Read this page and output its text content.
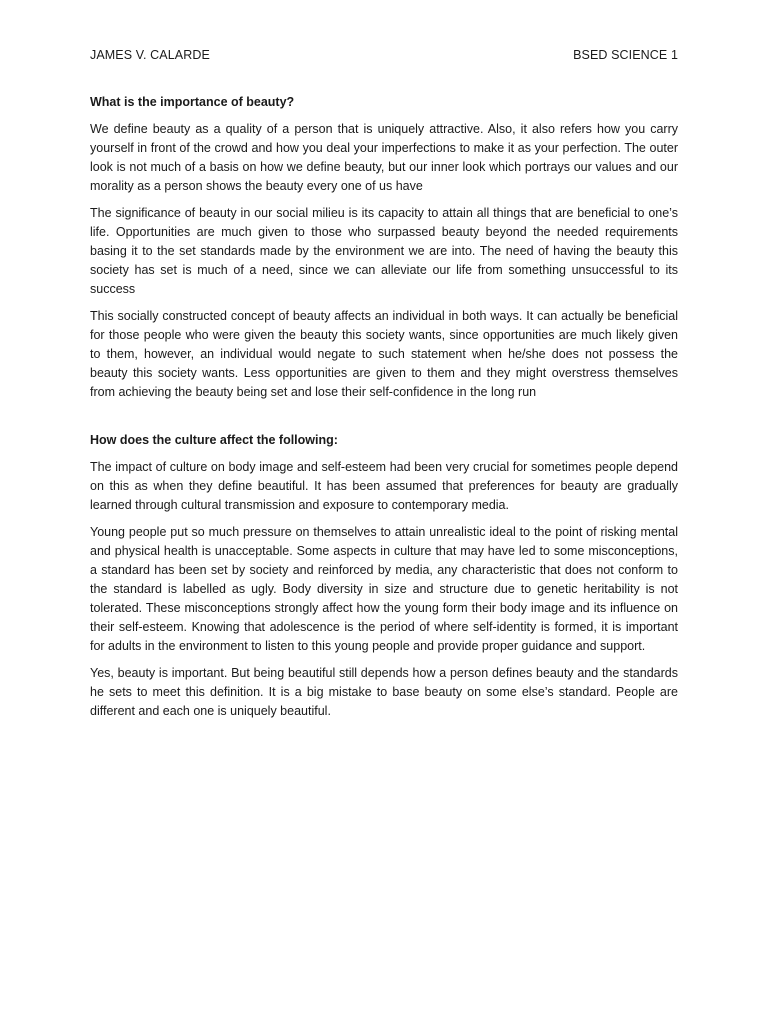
JAMES V. CALARDE	BSED SCIENCE 1
What is the importance of beauty?

We define beauty as a quality of a person that is uniquely attractive. Also, it also refers how you carry yourself in front of the crowd and how you deal your imperfections to make it as your perfection. The outer look is not much of a basis on how we define beauty, but our inner look which portrays our values and our morality as a person shows the beauty every one of us have

The significance of beauty in our social milieu is its capacity to attain all things that are beneficial to one’s life. Opportunities are much given to those who surpassed beauty beyond the needed requirements basing it to the set standards made by the environment we are into. The need of having the beauty this society has set is much of a need, since we can alleviate our life from something unsuccessful to its success

This socially constructed concept of beauty affects an individual in both ways. It can actually be beneficial for those people who were given the beauty this society wants, since opportunities are much likely given to them, however, an individual would negate to such statement when he/she does not possess the beauty this society wants. Less opportunities are given to them and they might overstress themselves from achieving the beauty being set and lose their self-confidence in the long run

How does the culture affect the following:

The impact of culture on body image and self-esteem had been very crucial for sometimes people depend on this as when they define beautiful. It has been assumed that preferences for beauty are gradually learned through cultural transmission and exposure to contemporary media.

Young people put so much pressure on themselves to attain unrealistic ideal to the point of risking mental and physical health is unacceptable. Some aspects in culture that may have led to some misconceptions, a standard has been set by society and reinforced by media, any characteristic that does not conform to the standard is labelled as ugly. Body diversity in size and structure due to genetic heritability is not tolerated. These misconceptions strongly affect how the young form their body image and its influence on their self-esteem. Knowing that adolescence is the period of where self-identity is formed, it is important for adults in the environment to listen to this young people and provide proper guidance and support.

Yes, beauty is important. But being beautiful still depends how a person defines beauty and the standards he sets to meet this definition. It is a big mistake to base beauty on some else’s standard. People are different and each one is uniquely beautiful.
